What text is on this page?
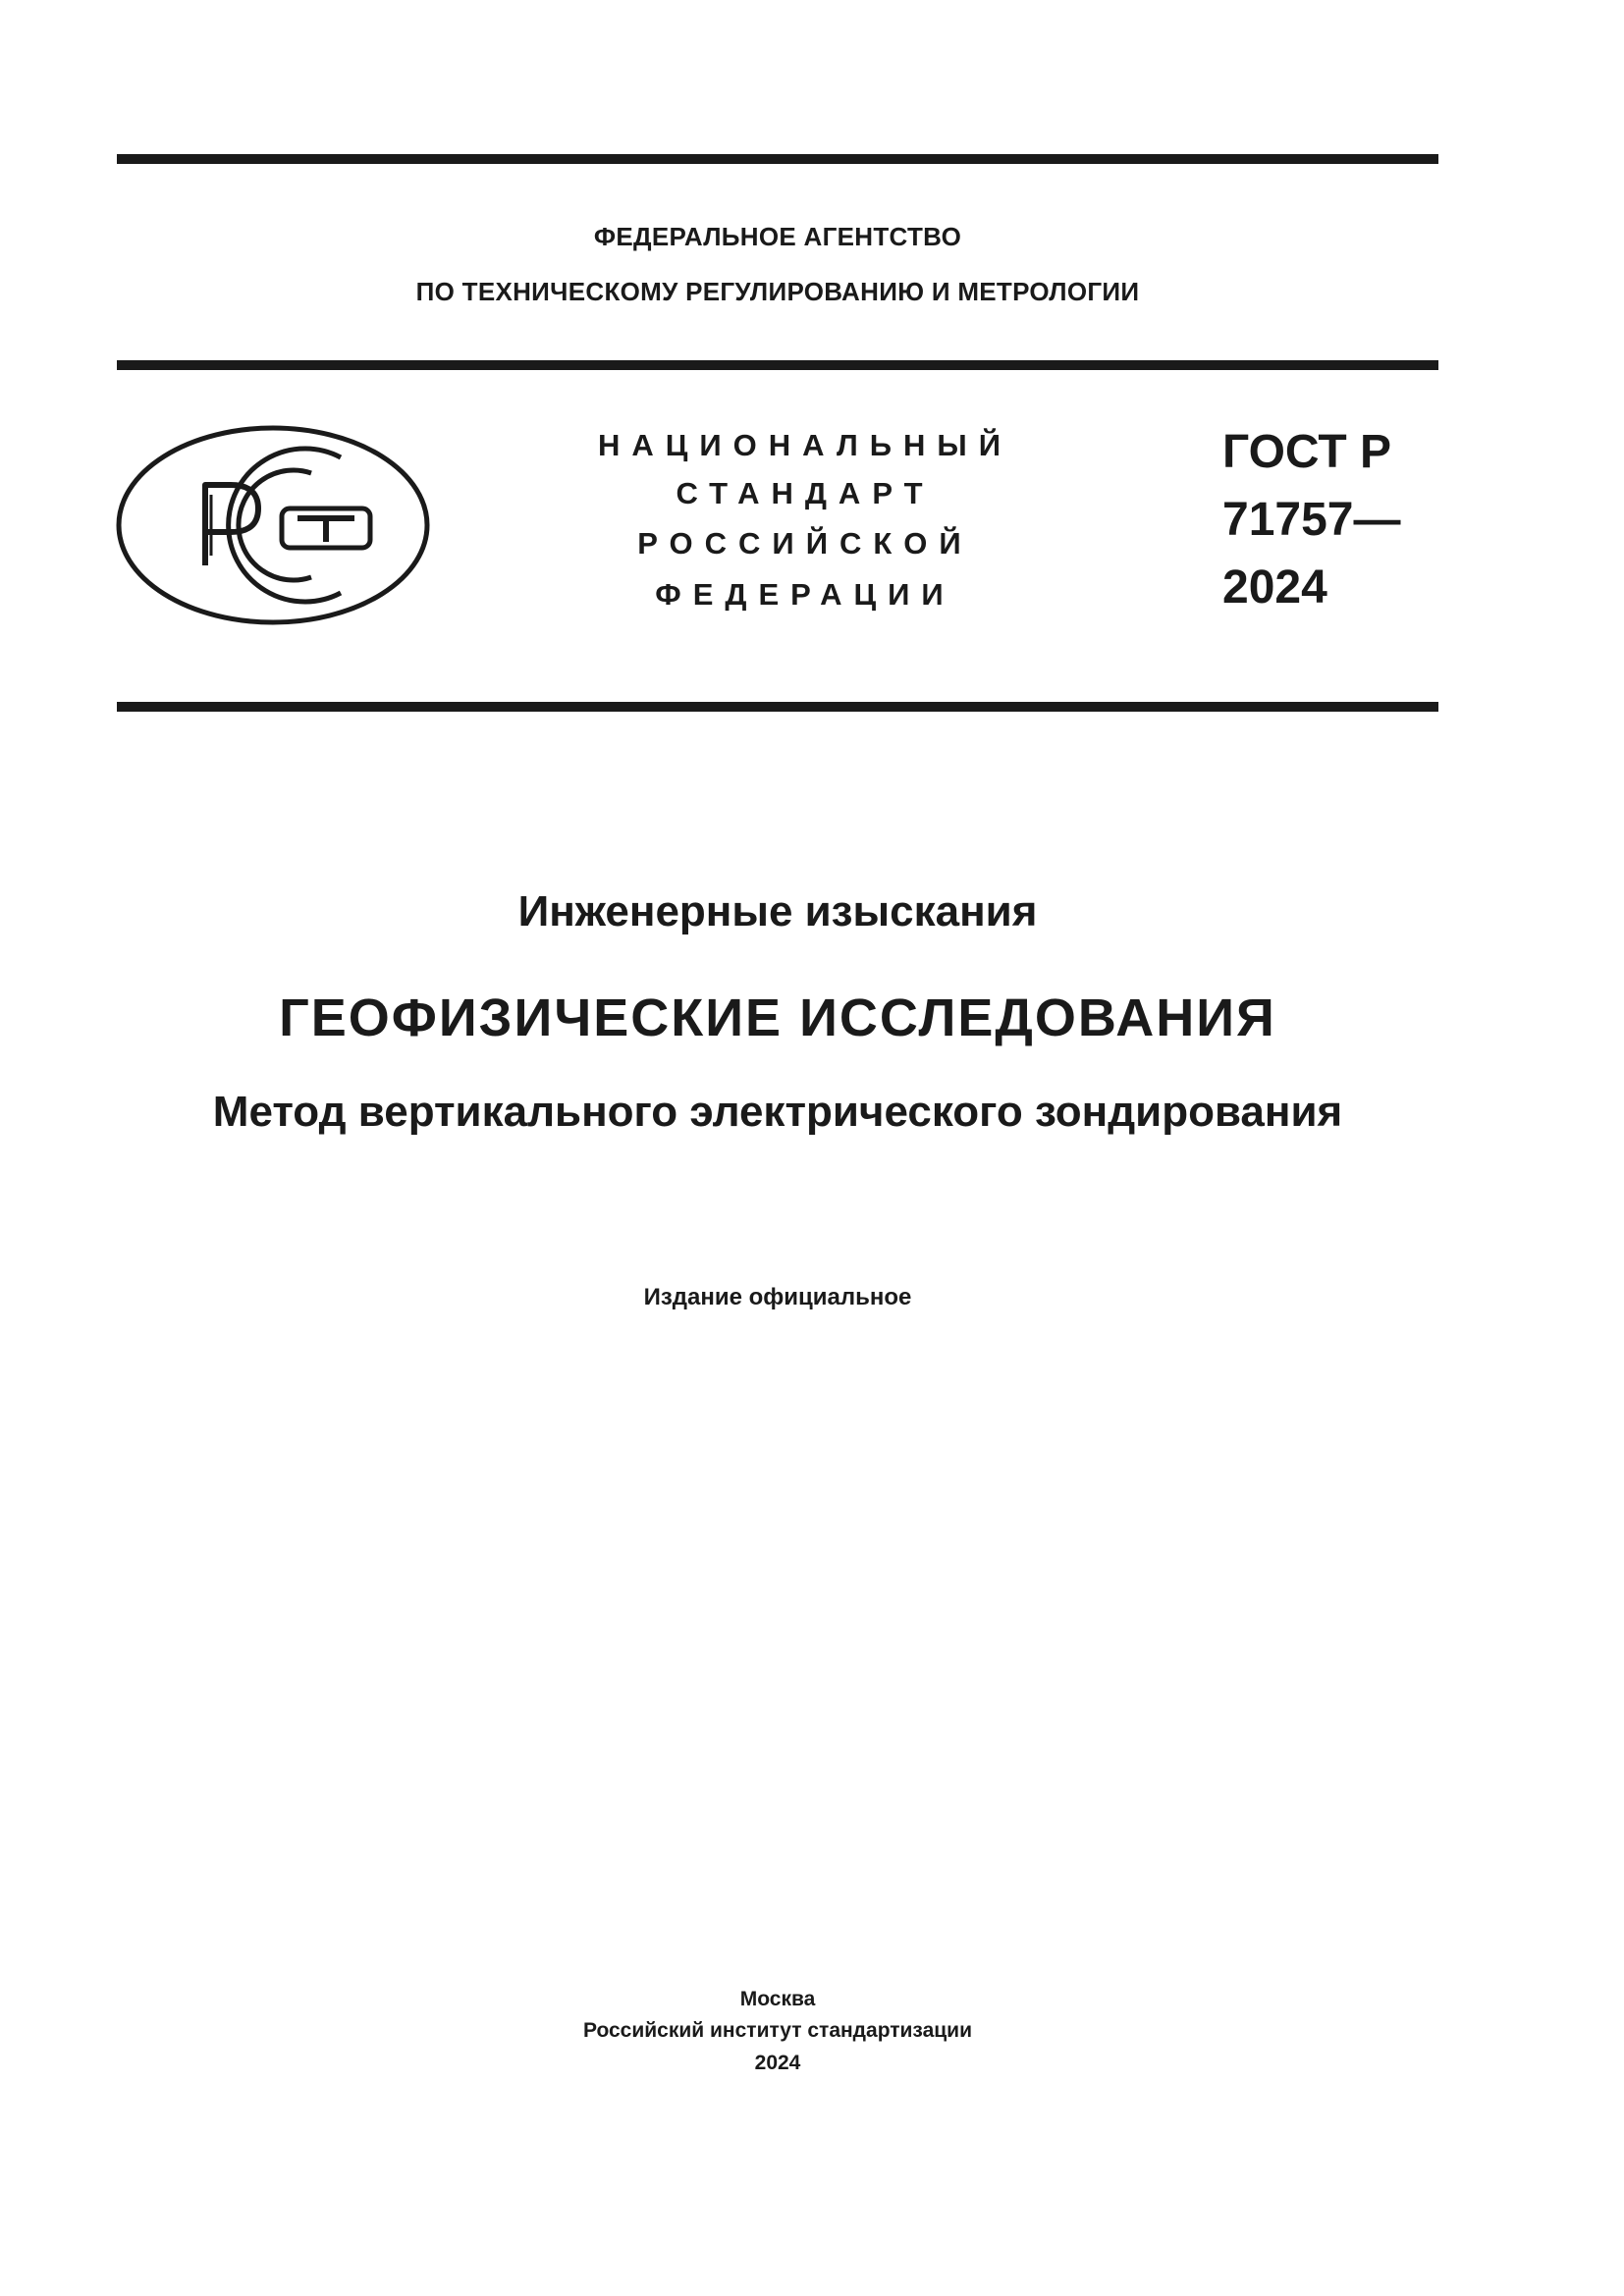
ФЕДЕРАЛЬНОЕ АГЕНТСТВО
ПО ТЕХНИЧЕСКОМУ РЕГУЛИРОВАНИЮ И МЕТРОЛОГИИ
НАЦИОНАЛЬНЫЙ
СТАНДАРТ
РОССИЙСКОЙ
ФЕДЕРАЦИИ
ГОСТ Р
71757—
2024
Инженерные изыскания
ГЕОФИЗИЧЕСКИЕ ИССЛЕДОВАНИЯ
Метод вертикального электрического зондирования
Издание официальное
Москва
Российский институт стандартизации
2024
